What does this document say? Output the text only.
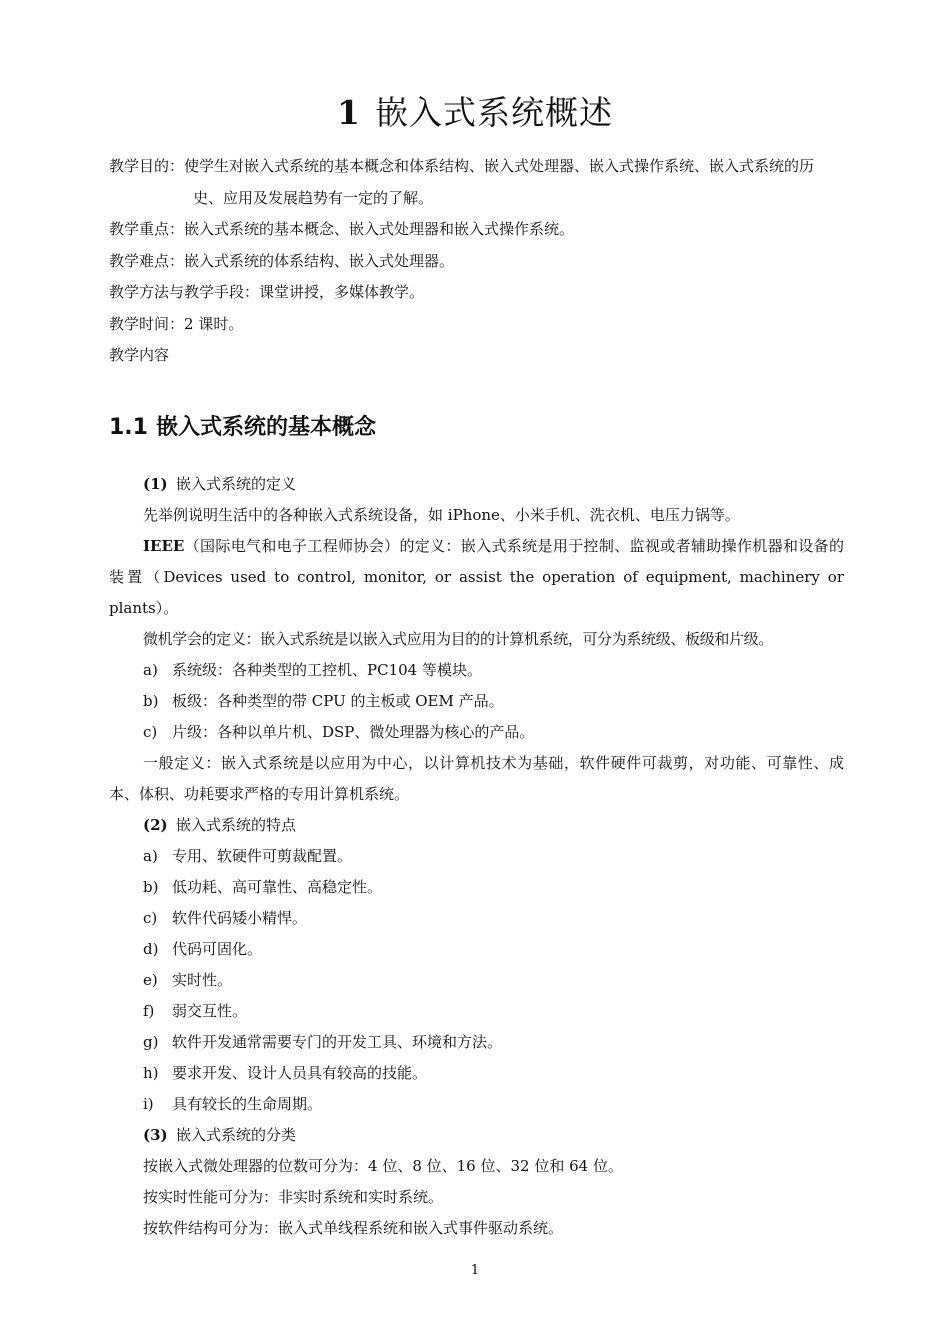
1 嵌入式系统概述
教学目的：使学生对嵌入式系统的基本概念和体系结构、嵌入式处理器、嵌入式操作系统、嵌入式系统的历史、应用及发展趋势有一定的了解。
教学重点：嵌入式系统的基本概念、嵌入式处理器和嵌入式操作系统。
教学难点：嵌入式系统的体系结构、嵌入式处理器。
教学方法与教学手段：课堂讲授，多媒体教学。
教学时间：2 课时。
教学内容
1.1 嵌入式系统的基本概念
(1) 嵌入式系统的定义

先举例说明生活中的各种嵌入式系统设备，如 iPhone、小米手机、洗衣机、电压力锅等。

IEEE（国际电气和电子工程师协会）的定义：嵌入式系统是用于控制、监视或者辅助操作机器和设备的装置（Devices used to control, monitor, or assist the operation of equipment, machinery or plants）。

微机学会的定义：嵌入式系统是以嵌入式应用为目的的计算机系统，可分为系统级、板级和片级。

a) 系统级：各种类型的工控机、PC104 等模块。
b) 板级：各种类型的带 CPU 的主板或 OEM 产品。
c) 片级：各种以单片机、DSP、微处理器为核心的产品。

一般定义：嵌入式系统是以应用为中心，以计算机技术为基础，软件硬件可裁剪，对功能、可靠性、成本、体积、功耗要求严格的专用计算机系统。

(2) 嵌入式系统的特点
a) 专用、软硬件可剪裁配置。
b) 低功耗、高可靠性、高稳定性。
c) 软件代码矮小精悍。
d) 代码可固化。
e) 实时性。
f) 弱交互性。
g) 软件开发通常需要专门的开发工具、环境和方法。
h) 要求开发、设计人员具有较高的技能。
i) 具有较长的生命周期。
(3) 嵌入式系统的分类

按嵌入式微处理器的位数可分为：4 位、8 位、16 位、32 位和 64 位。

按实时性能可分为：非实时系统和实时系统。

按软件结构可分为：嵌入式单线程系统和嵌入式事件驱动系统。

1
